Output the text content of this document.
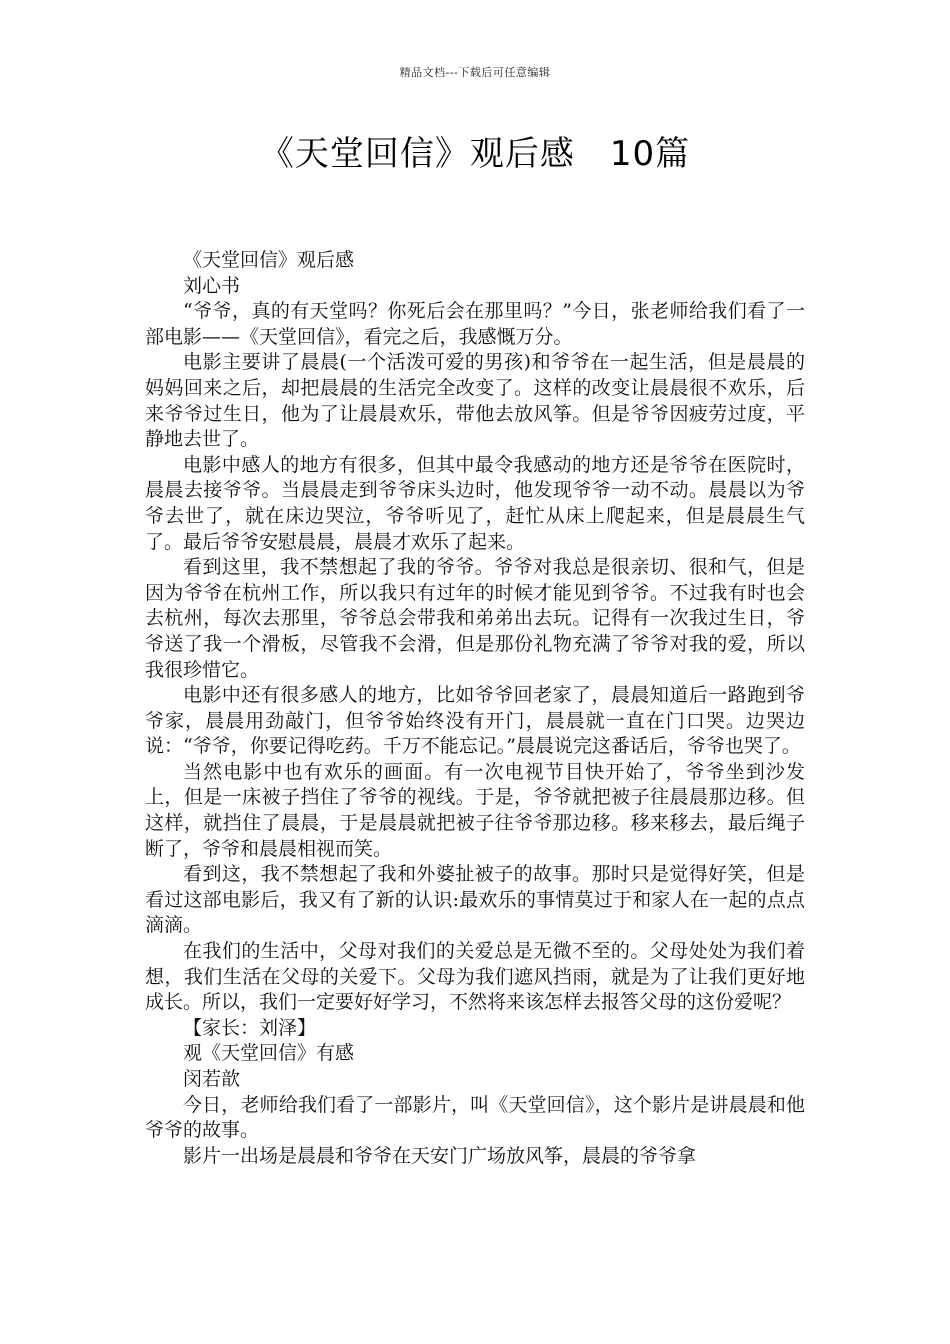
精品文档---下载后可任意编辑
《天堂回信》观后感　10篇

《天堂回信》观后感

刘心书

“爷爷，真的有天堂吗？你死后会在那里吗？”今日，张老师给我们看了一部电影——《天堂回信》，看完之后，我感慨万分。

电影主要讲了晨晨(一个活泼可爱的男孩)和爷爷在一起生活，但是晨晨的妈妈回来之后，却把晨晨的生活完全改变了。这样的改变让晨晨很不欢乐，后来爷爷过生日，他为了让晨晨欢乐，带他去放风筝。但是爷爷因疲劳过度，平静地去世了。

电影中感人的地方有很多，但其中最令我感动的地方还是爷爷在医院时，晨晨去接爷爷。当晨晨走到爷爷床头边时，他发现爷爷一动不动。晨晨以为爷爷去世了，就在床边哭泣，爷爷听见了，赶忙从床上爬起来，但是晨晨生气了。最后爷爷安慰晨晨，晨晨才欢乐了起来。

看到这里，我不禁想起了我的爷爷。爷爷对我总是很亲切、很和气，但是因为爷爷在杭州工作，所以我只有过年的时候才能见到爷爷。不过我有时也会去杭州，每次去那里，爷爷总会带我和弟弟出去玩。记得有一次我过生日，爷爷送了我一个滑板，尽管我不会滑，但是那份礼物充满了爷爷对我的爱，所以我很珍惜它。

电影中还有很多感人的地方，比如爷爷回老家了，晨晨知道后一路跑到爷爷家，晨晨用劲敲门，但爷爷始终没有开门，晨晨就一直在门口哭。边哭边说：“爷爷，你要记得吃药。千万不能忘记。”晨晨说完这番话后，爷爷也哭了。

当然电影中也有欢乐的画面。有一次电视节目快开始了，爷爷坐到沙发上，但是一床被子挡住了爷爷的视线。于是，爷爷就把被子往晨晨那边移。但这样，就挡住了晨晨，于是晨晨就把被子往爷爷那边移。移来移去，最后绳子断了，爷爷和晨晨相视而笑。

看到这，我不禁想起了我和外婆扯被子的故事。那时只是觉得好笑，但是看过这部电影后，我又有了新的认识:最欢乐的事情莫过于和家人在一起的点点滴滴。

在我们的生活中，父母对我们的关爱总是无微不至的。父母处处为我们着想，我们生活在父母的关爱下。父母为我们遮风挡雨，就是为了让我们更好地成长。所以，我们一定要好好学习，不然将来该怎样去报答父母的这份爱呢？

【家长：刘泽】

观《天堂回信》有感

闵若歆

今日，老师给我们看了一部影片，叫《天堂回信》，这个影片是讲晨晨和他爷爷的故事。

影片一出场是晨晨和爷爷在天安门广场放风筝，晨晨的爷爷拿
